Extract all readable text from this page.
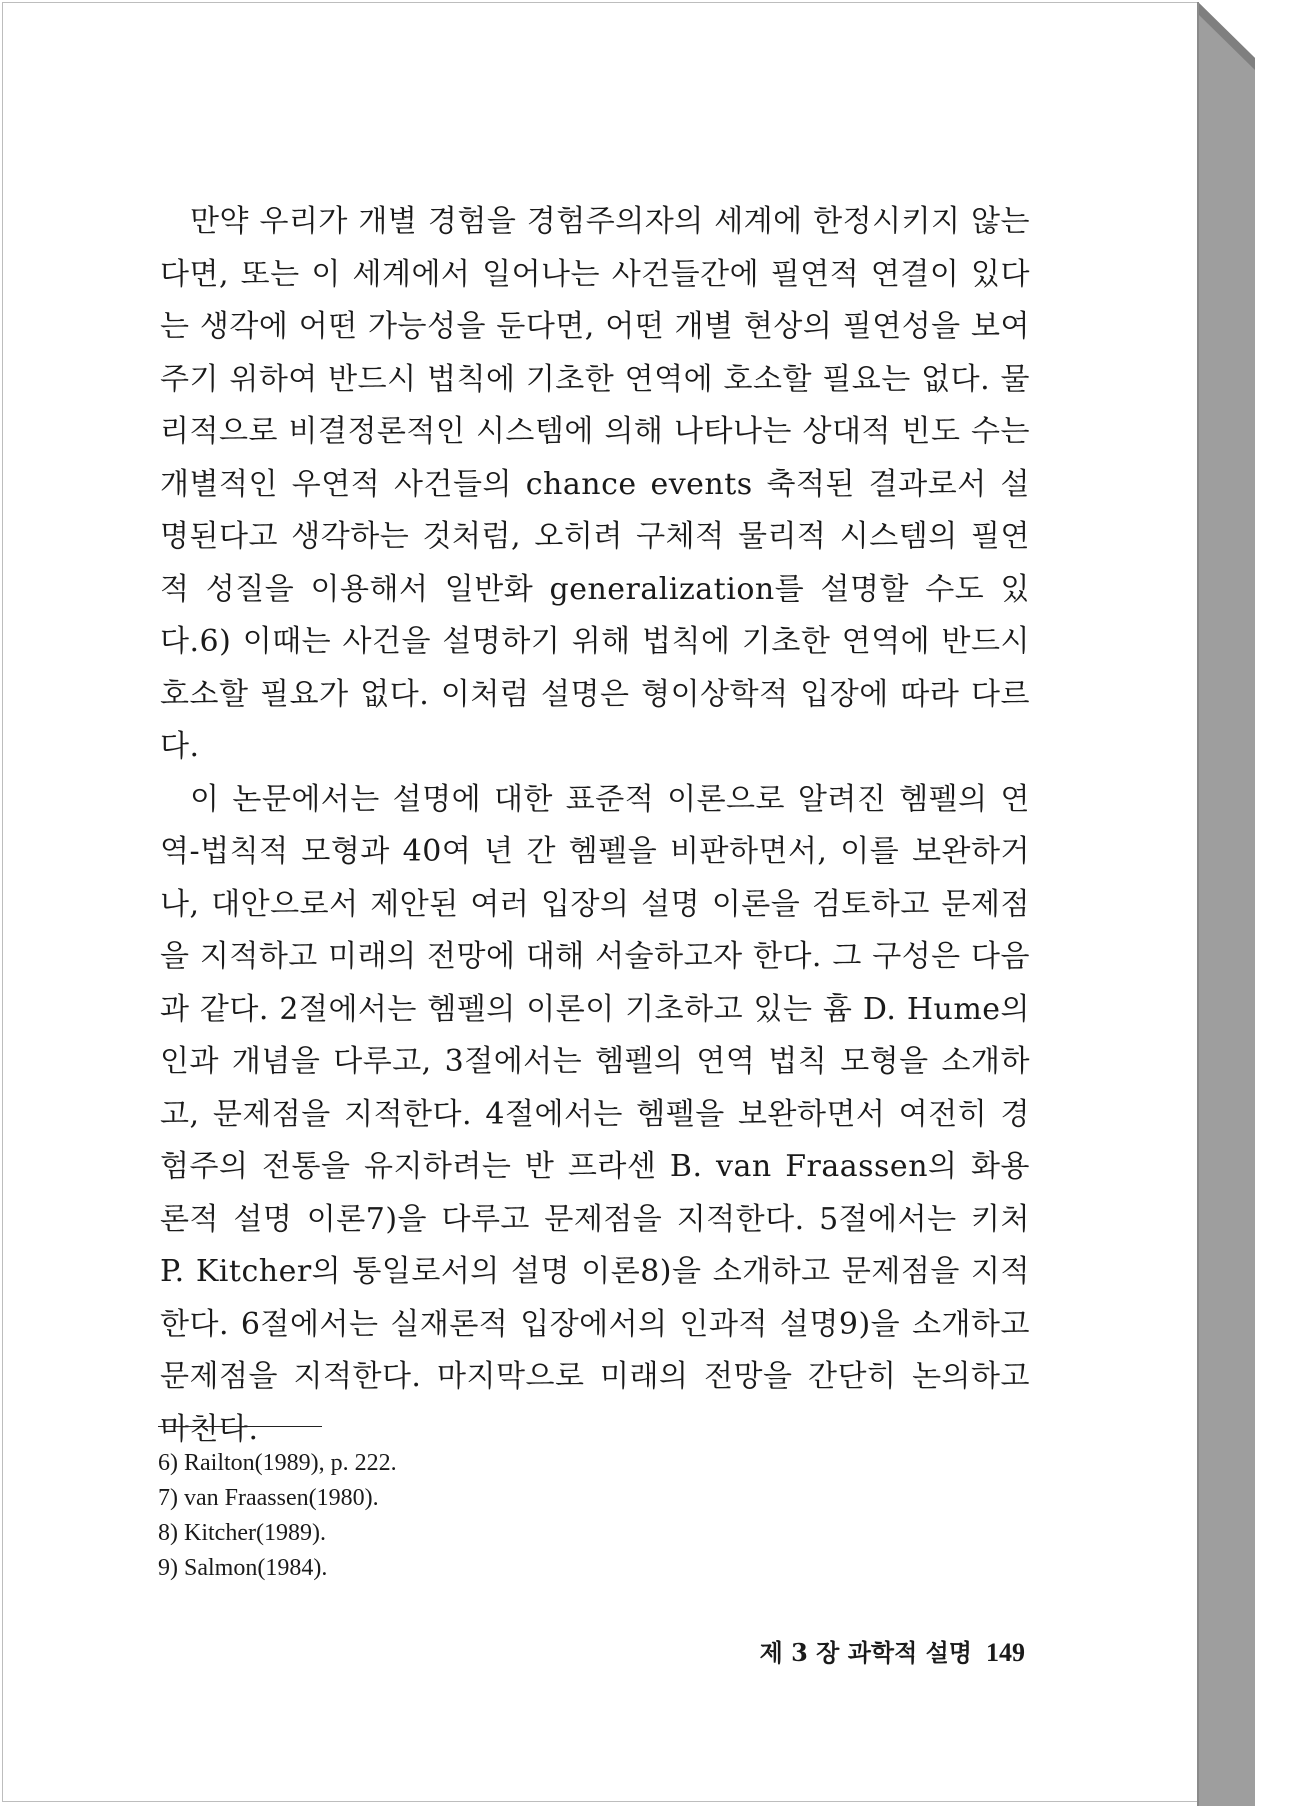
만약 우리가 개별 경험을 경험주의자의 세계에 한정시키지 않는다면, 또는 이 세계에서 일어나는 사건들간에 필연적 연결이 있다는 생각에 어떤 가능성을 둔다면, 어떤 개별 현상의 필연성을 보여 주기 위하여 반드시 법칙에 기초한 연역에 호소할 필요는 없다. 물리적으로 비결정론적인 시스템에 의해 나타나는 상대적 빈도 수는 개별적인 우연적 사건들의 chance events 축적된 결과로서 설명된다고 생각하는 것처럼, 오히려 구체적 물리적 시스템의 필연적 성질을 이용해서 일반화 generalization를 설명할 수도 있다.6) 이때는 사건을 설명하기 위해 법칙에 기초한 연역에 반드시 호소할 필요가 없다. 이처럼 설명은 형이상학적 입장에 따라 다르다.

이 논문에서는 설명에 대한 표준적 이론으로 알려진 헴펠의 연역-법칙적 모형과 40여 년 간 헴펠을 비판하면서, 이를 보완하거나, 대안으로서 제안된 여러 입장의 설명 이론을 검토하고 문제점을 지적하고 미래의 전망에 대해 서술하고자 한다. 그 구성은 다음과 같다. 2절에서는 헴펠의 이론이 기초하고 있는 흄 D. Hume의 인과 개념을 다루고, 3절에서는 헴펠의 연역 법칙 모형을 소개하고, 문제점을 지적한다. 4절에서는 헴펠을 보완하면서 여전히 경험주의 전통을 유지하려는 반 프라센 B. van Fraassen의 화용론적 설명 이론7)을 다루고 문제점을 지적한다. 5절에서는 키처 P. Kitcher의 통일로서의 설명 이론8)을 소개하고 문제점을 지적한다. 6절에서는 실재론적 입장에서의 인과적 설명9)을 소개하고 문제점을 지적한다. 마지막으로 미래의 전망을 간단히 논의하고 마친다.

6) Railton(1989), p. 222.
7) van Fraassen(1980).
8) Kitcher(1989).
9) Salmon(1984).
제 3 장 과학적 설명 149
